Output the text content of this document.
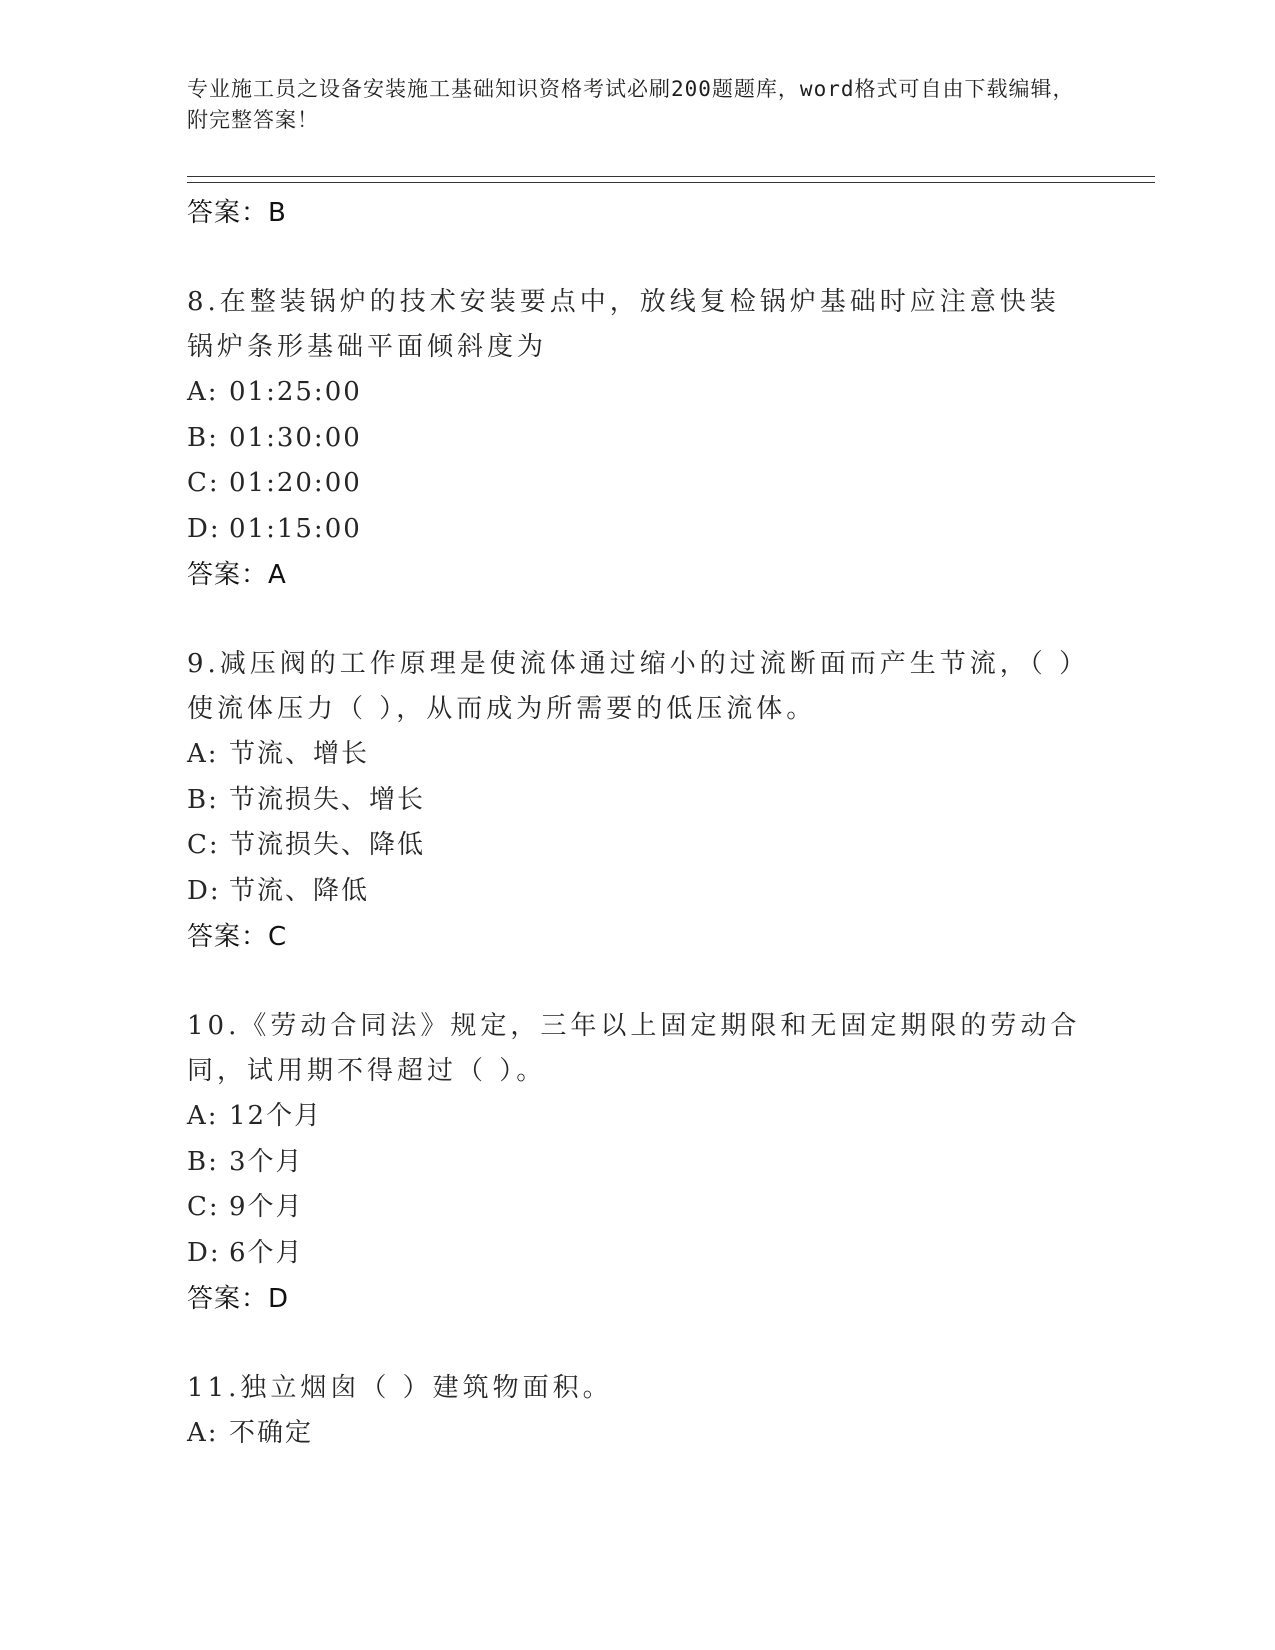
专业施工员之设备安装施工基础知识资格考试必刷200题题库，word格式可自由下载编辑，附完整答案！
答案：B
8.在整装锅炉的技术安装要点中，放线复检锅炉基础时应注意快装锅炉条形基础平面倾斜度为
A: 01:25:00
B: 01:30:00
C: 01:20:00
D: 01:15:00
答案：A
9.减压阀的工作原理是使流体通过缩小的过流断面而产生节流，（ ）使流体压力（ ），从而成为所需要的低压流体。
A: 节流、增长
B: 节流损失、增长
C: 节流损失、降低
D: 节流、降低
答案：C
10.《劳动合同法》规定，三年以上固定期限和无固定期限的劳动合同，试用期不得超过（ ）。
A: 12个月
B: 3个月
C: 9个月
D: 6个月
答案：D
11.独立烟囱（ ）建筑物面积。
A: 不确定
